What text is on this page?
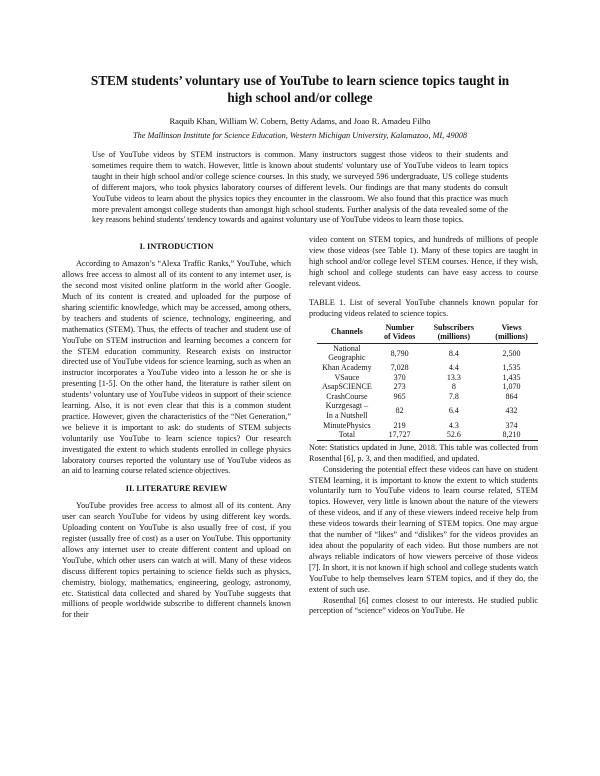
STEM students’ voluntary use of YouTube to learn science topics taught in high school and/or college
Raquib Khan, William W. Cobern, Betty Adams, and Joao R. Amadeu Filho
The Mallinson Institute for Science Education, Western Michigan University, Kalamazoo, MI, 49008
Use of YouTube videos by STEM instructors is common. Many instructors suggest those videos to their students and sometimes require them to watch. However, little is known about students' voluntary use of YouTube videos to learn topics taught in their high school and/or college science courses. In this study, we surveyed 596 undergraduate, US college students of different majors, who took physics laboratory courses of different levels. Our findings are that many students do consult YouTube videos to learn about the physics topics they encounter in the classroom. We also found that this practice was much more prevalent amongst college students than amongst high school students. Further analysis of the data revealed some of the key reasons behind students' tendency towards and against voluntary use of YouTube videos to learn those topics.
I. INTRODUCTION

According to Amazon’s “Alexa Traffic Ranks,” YouTube, which allows free access to almost all of its content to any internet user, is the second most visited online platform in the world after Google. Much of its content is created and uploaded for the purpose of sharing scientific knowledge, which may be accessed, among others, by teachers and students of science, technology, engineering, and mathematics (STEM). Thus, the effects of teacher and student use of YouTube on STEM instruction and learning becomes a concern for the STEM education community. Research exists on instructor directed use of YouTube videos for science learning, such as when an instructor incorporates a YouTube video into a lesson he or she is presenting [1-5]. On the other hand, the literature is rather silent on students’ voluntary use of YouTube videos in support of their science learning. Also, it is not even clear that this is a common student practice. However, given the characteristics of the “Net Generation,” we believe it is important to ask: do students of STEM subjects voluntarily use YouTube to learn science topics? Our research investigated the extent to which students enrolled in college physics laboratory courses reported the voluntary use of YouTube videos as an aid to learning course related science objectives.

II. LITERATURE REVIEW

YouTube provides free access to almost all of its content. Any user can search YouTube for videos by using different key words. Uploading content on YouTube is also usually free of cost, if you register (usually free of cost) as a user on YouTube. This opportunity allows any internet user to create different content and upload on YouTube, which other users can watch at will. Many of these videos discuss different topics pertaining to science fields such as physics, chemistry, biology, mathematics, engineering, geology, astronomy, etc. Statistical data collected and shared by YouTube suggests that millions of people worldwide subscribe to different channels known for their

video content on STEM topics, and hundreds of millions of people view those videos (see Table 1). Many of these topics are taught in high school and/or college level STEM courses. Hence, if they wish, high school and college students can have easy access to course relevant videos.

TABLE 1. List of several YouTube channels known popular for producing videos related to science topics.
Channels	Number of Videos	Subscribers (millions)	Views (millions)
National Geographic	8,790	8.4	2,500
Khan Academy	7,028	4.4	1,535
VSauce	370	13.3	1,435
AsapSCIENCE	273	8	1,070
CrashCourse	965	7.8	864
Kurzgesagt – In a Nutshell	82	6.4	432
MinutePhysics	219	4.3	374
Total	17,727	52.6	8,210
Note: Statistics updated in June, 2018. This table was collected from Rosenthal [6], p. 3, and then modified, and updated.

Considering the potential effect these videos can have on student STEM learning, it is important to know the extent to which students voluntarily turn to YouTube videos to learn course related, STEM topics. However, very little is known about the nature of the viewers of these videos, and if any of these viewers indeed receive help from these videos towards their learning of STEM topics. One may argue that the number of “likes” and “dislikes” for the videos provides an idea about the popularity of each video. But those numbers are not always reliable indicators of how viewers perceive of those videos [7]. In short, it is not known if high school and college students watch YouTube to help themselves learn STEM topics, and if they do, the extent of such use.

Rosenthal [6] comes closest to our interests. He studied public perception of “science” videos on YouTube. He
